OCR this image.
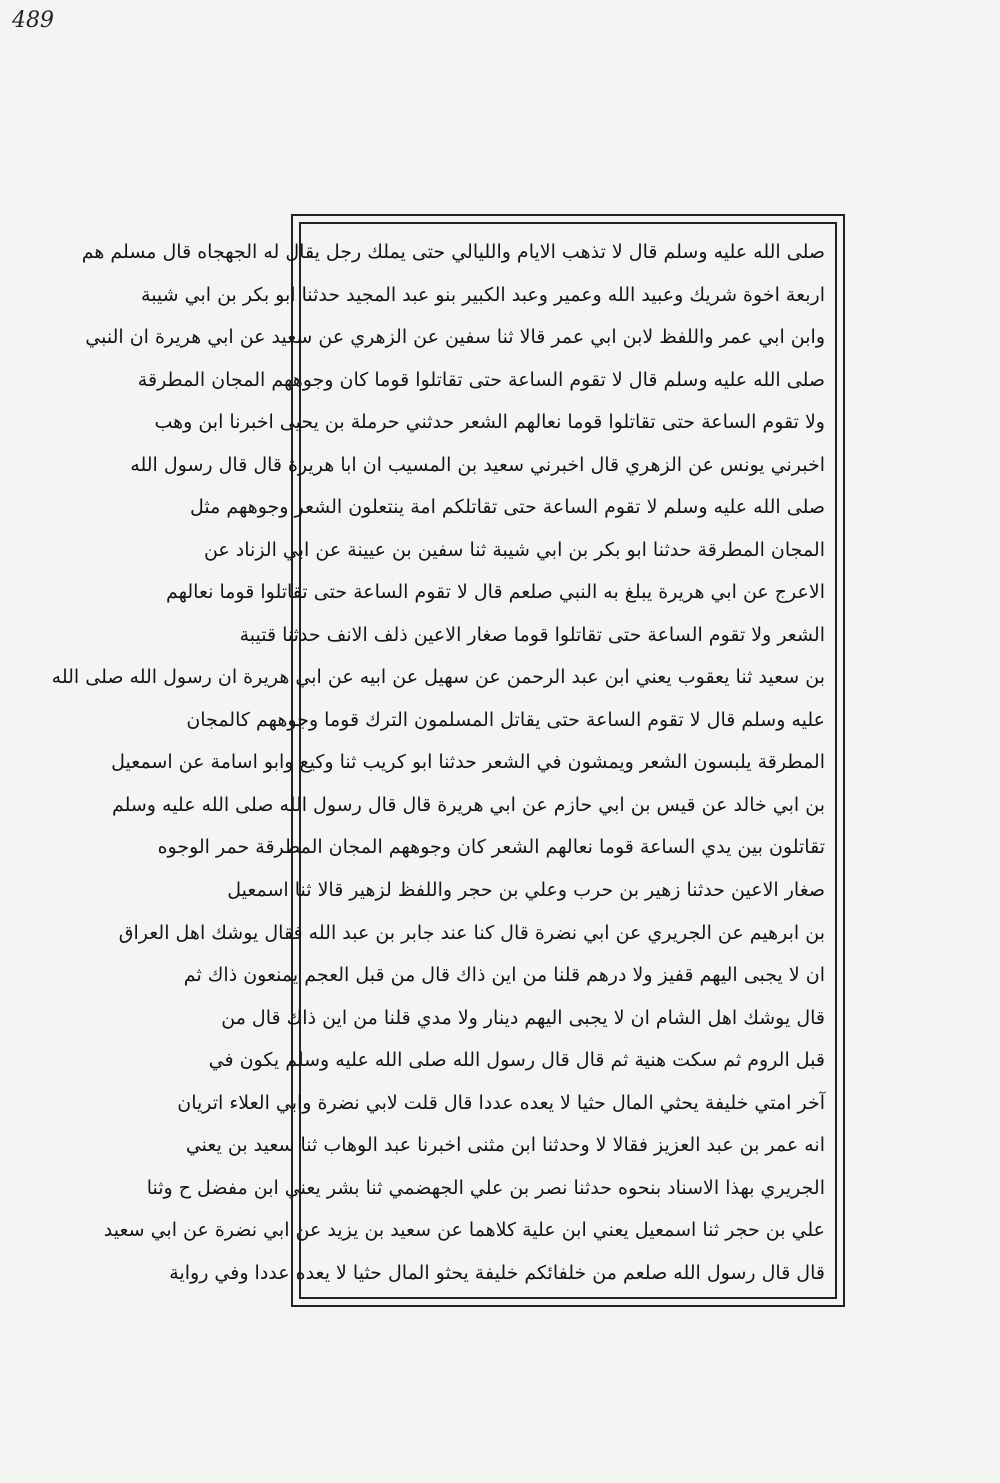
489
صلى الله عليه وسلم قال لا تذهب الايام والليالي حتى يملك رجل يقال له الجهجاه قال مسلم هم
اربعة اخوة شريك وعبيد الله وعمير وعبد الكبير بنو عبد المجيد حدثنا ابو بكر بن ابي شيبة
وابن ابي عمر واللفظ لابن ابي عمر قالا ثنا سفين عن الزهري عن سعيد عن ابي هريرة ان النبي
صلى الله عليه وسلم قال لا تقوم الساعة حتى تقاتلوا قوما كان وجوههم المجان المطرقة
ولا تقوم الساعة حتى تقاتلوا قوما نعالهم الشعر حدثني حرملة بن يحيى اخبرنا ابن وهب
اخبرني يونس عن الزهري قال اخبرني سعيد بن المسيب ان ابا هريرة قال قال رسول الله
صلى الله عليه وسلم لا تقوم الساعة حتى تقاتلكم امة ينتعلون الشعر وجوههم مثل
المجان المطرقة حدثنا ابو بكر بن ابي شيبة ثنا سفين بن عيينة عن ابي الزناد عن
الاعرج عن ابي هريرة يبلغ به النبي صلعم قال لا تقوم الساعة حتى تقاتلوا قوما نعالهم
الشعر ولا تقوم الساعة حتى تقاتلوا قوما صغار الاعين ذلف الانف حدثنا قتيبة
بن سعيد ثنا يعقوب يعني ابن عبد الرحمن عن سهيل عن ابيه عن ابي هريرة ان رسول الله صلى الله
عليه وسلم قال لا تقوم الساعة حتى يقاتل المسلمون الترك قوما وجوههم كالمجان
المطرقة يلبسون الشعر ويمشون في الشعر حدثنا ابو كريب ثنا وكيع وابو اسامة عن اسمعيل
بن ابي خالد عن قيس بن ابي حازم عن ابي هريرة قال قال رسول الله صلى الله عليه وسلم
تقاتلون بين يدي الساعة قوما نعالهم الشعر كان وجوههم المجان المطرقة حمر الوجوه
صغار الاعين حدثنا زهير بن حرب وعلي بن حجر واللفظ لزهير قالا ثنا اسمعيل
بن ابرهيم عن الجريري عن ابي نضرة قال كنا عند جابر بن عبد الله فقال يوشك اهل العراق
ان لا يجبى اليهم قفيز ولا درهم قلنا من اين ذاك قال من قبل العجم يمنعون ذاك ثم
قال يوشك اهل الشام ان لا يجبى اليهم دينار ولا مدي قلنا من اين ذاك قال من
قبل الروم ثم سكت هنية ثم قال قال رسول الله صلى الله عليه وسلم يكون في
آخر امتي خليفة يحثي المال حثيا لا يعده عددا قال قلت لابي نضرة وابي العلاء اتريان
انه عمر بن عبد العزيز فقالا لا وحدثنا ابن مثنى اخبرنا عبد الوهاب ثنا سعيد بن يعني
الجريري بهذا الاسناد بنحوه حدثنا نصر بن علي الجهضمي ثنا بشر يعني ابن مفضل ح وثنا
علي بن حجر ثنا اسمعيل يعني ابن علية كلاهما عن سعيد بن يزيد عن ابي نضرة عن ابي سعيد
قال قال رسول الله صلعم من خلفائكم خليفة يحثو المال حثيا لا يعده عددا وفي رواية
